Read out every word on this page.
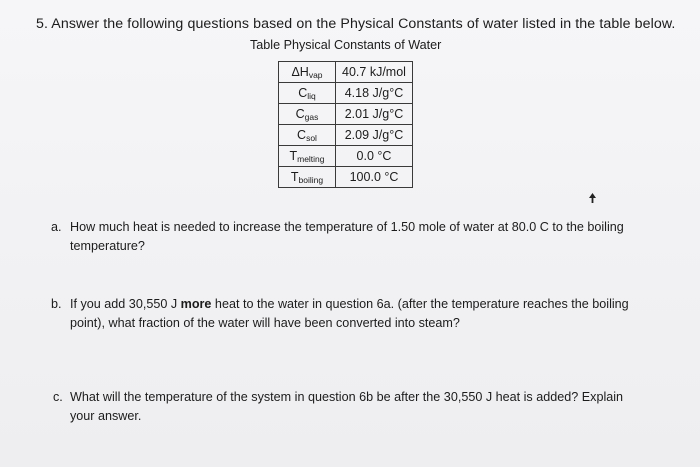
5. Answer the following questions based on the Physical Constants of water listed in the table below.
Table Physical Constants of Water
ΔHvap	40.7 kJ/mol
Cliq	4.18 J/g°C
Cgas	2.01 J/g°C
Csol	2.09 J/g°C
Tmelting	0.0 °C
Tboiling	100.0 °C
a. How much heat is needed to increase the temperature of 1.50 mole of water at 80.0 C to the boiling temperature?
b. If you add 30,550 J more heat to the water in question 6a. (after the temperature reaches the boiling point), what fraction of the water will have been converted into steam?
c. What will the temperature of the system in question 6b be after the 30,550 J heat is added? Explain your answer.
